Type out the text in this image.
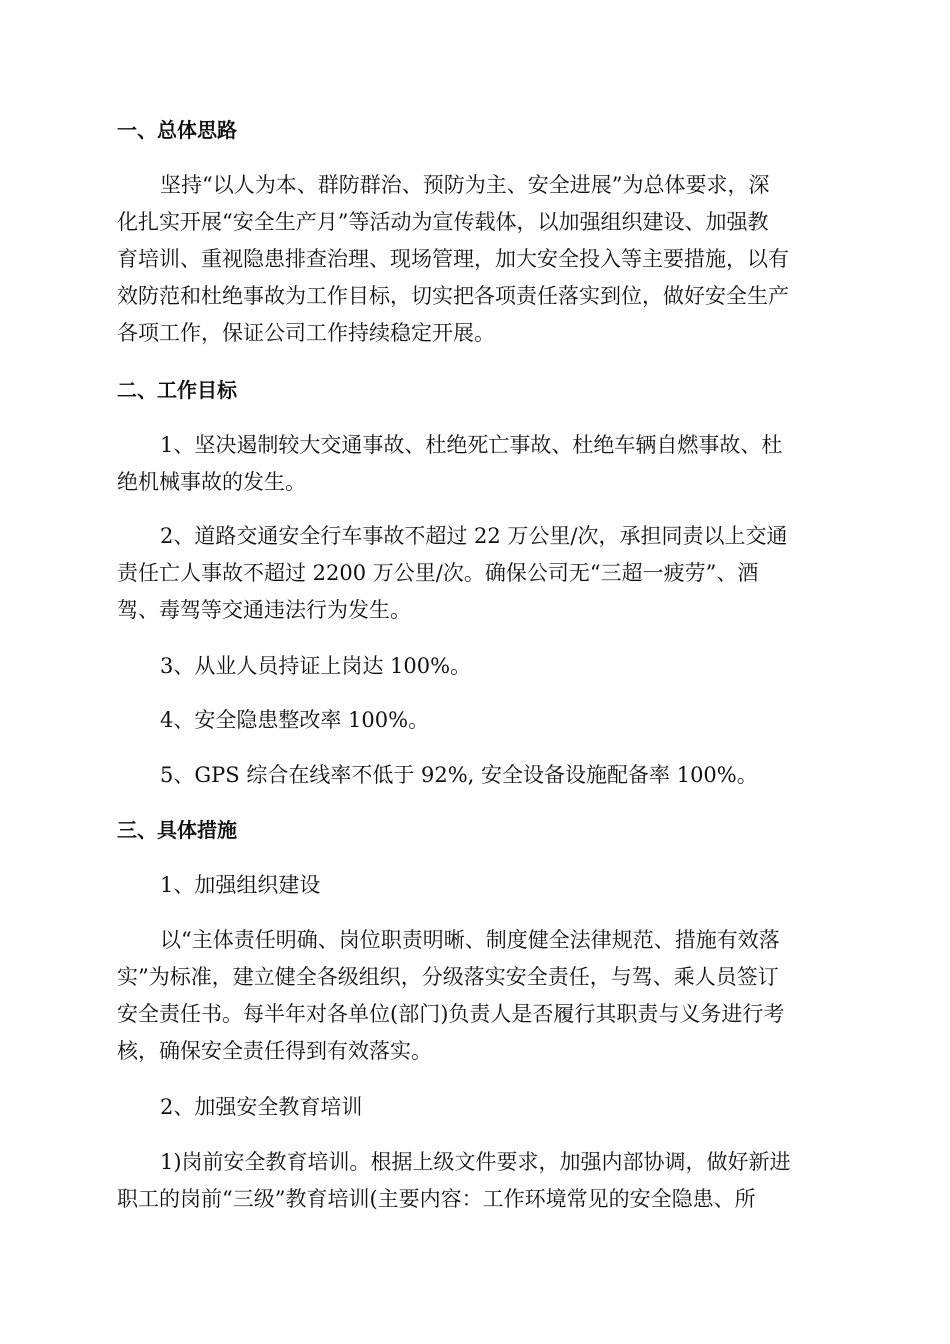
一、总体思路
坚持“以人为本、群防群治、预防为主、安全进展”为总体要求，深
化扎实开展“安全生产月”等活动为宣传载体，以加强组织建设、加强教
育培训、重视隐患排查治理、现场管理，加大安全投入等主要措施，以有
效防范和杜绝事故为工作目标，切实把各项责任落实到位，做好安全生产
各项工作，保证公司工作持续稳定开展。
二、工作目标
1、坚决遏制较大交通事故、杜绝死亡事故、杜绝车辆自燃事故、杜
绝机械事故的发生。
2、道路交通安全行车事故不超过 22 万公里/次，承担同责以上交通
责任亡人事故不超过 2200 万公里/次。确保公司无“三超一疲劳”、酒
驾、毒驾等交通违法行为发生。
3、从业人员持证上岗达 100%。
4、安全隐患整改率 100%。
5、GPS 综合在线率不低于 92%, 安全设备设施配备率 100%。
三、具体措施
1、加强组织建设
以“主体责任明确、岗位职责明晰、制度健全法律规范、措施有效落
实”为标准，建立健全各级组织，分级落实安全责任，与驾、乘人员签订
安全责任书。每半年对各单位(部门)负责人是否履行其职责与义务进行考
核，确保安全责任得到有效落实。
2、加强安全教育培训
1)岗前安全教育培训。根据上级文件要求，加强内部协调，做好新进
职工的岗前“三级”教育培训(主要内容：工作环境常见的安全隐患、所
